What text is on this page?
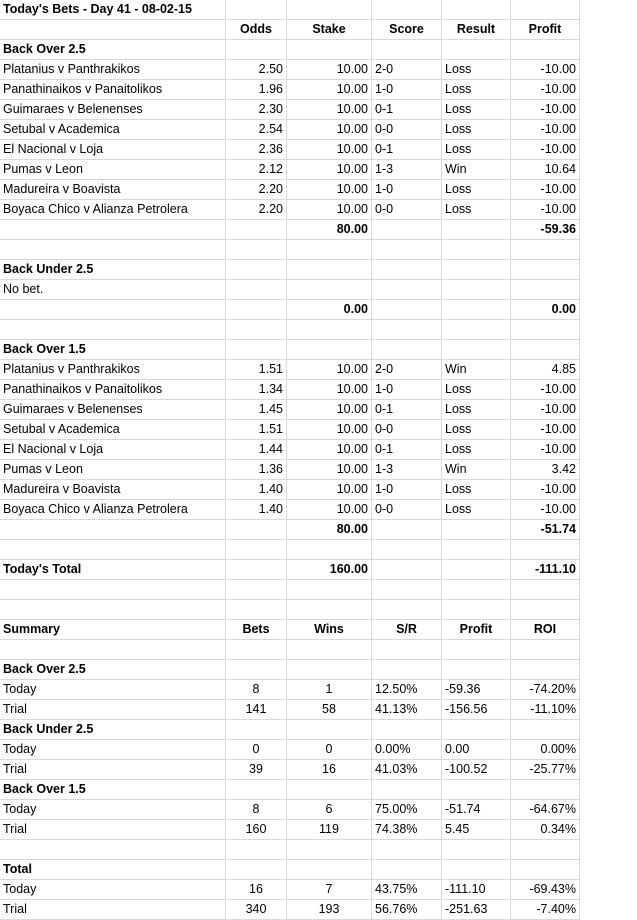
Today's Bets - Day 41 - 08-02-15					
	Odds	Stake	Score	Result	Profit
Back Over 2.5					
Platanius v Panthrakikos	2.50	10.00	2-0	Loss	-10.00
Panathinaikos v Panaitolikos	1.96	10.00	1-0	Loss	-10.00
Guimaraes v Belenenses	2.30	10.00	0-1	Loss	-10.00
Setubal v Academica	2.54	10.00	0-0	Loss	-10.00
El Nacional v Loja	2.36	10.00	0-1	Loss	-10.00
Pumas v Leon	2.12	10.00	1-3	Win	10.64
Madureira v Boavista	2.20	10.00	1-0	Loss	-10.00
Boyaca Chico v Alianza Petrolera	2.20	10.00	0-0	Loss	-10.00
		80.00			-59.36

Back Under 2.5					
No bet.					
		0.00			0.00

Back Over 1.5					
Platanius v Panthrakikos	1.51	10.00	2-0	Win	4.85
Panathinaikos v Panaitolikos	1.34	10.00	1-0	Loss	-10.00
Guimaraes v Belenenses	1.45	10.00	0-1	Loss	-10.00
Setubal v Academica	1.51	10.00	0-0	Loss	-10.00
El Nacional v Loja	1.44	10.00	0-1	Loss	-10.00
Pumas v Leon	1.36	10.00	1-3	Win	3.42
Madureira v Boavista	1.40	10.00	1-0	Loss	-10.00
Boyaca Chico v Alianza Petrolera	1.40	10.00	0-0	Loss	-10.00
		80.00			-51.74

Today's Total		160.00			-111.10

Summary	Bets	Wins	S/R	Profit	ROI

Back Over 2.5					
Today	8	1	12.50%	-59.36	-74.20%
Trial	141	58	41.13%	-156.56	-11.10%
Back Under 2.5					
Today	0	0	0.00%	0.00	0.00%
Trial	39	16	41.03%	-100.52	-25.77%
Back Over 1.5					
Today	8	6	75.00%	-51.74	-64.67%
Trial	160	119	74.38%	5.45	0.34%

Total					
Today	16	7	43.75%	-111.10	-69.43%
Trial	340	193	56.76%	-251.63	-7.40%
